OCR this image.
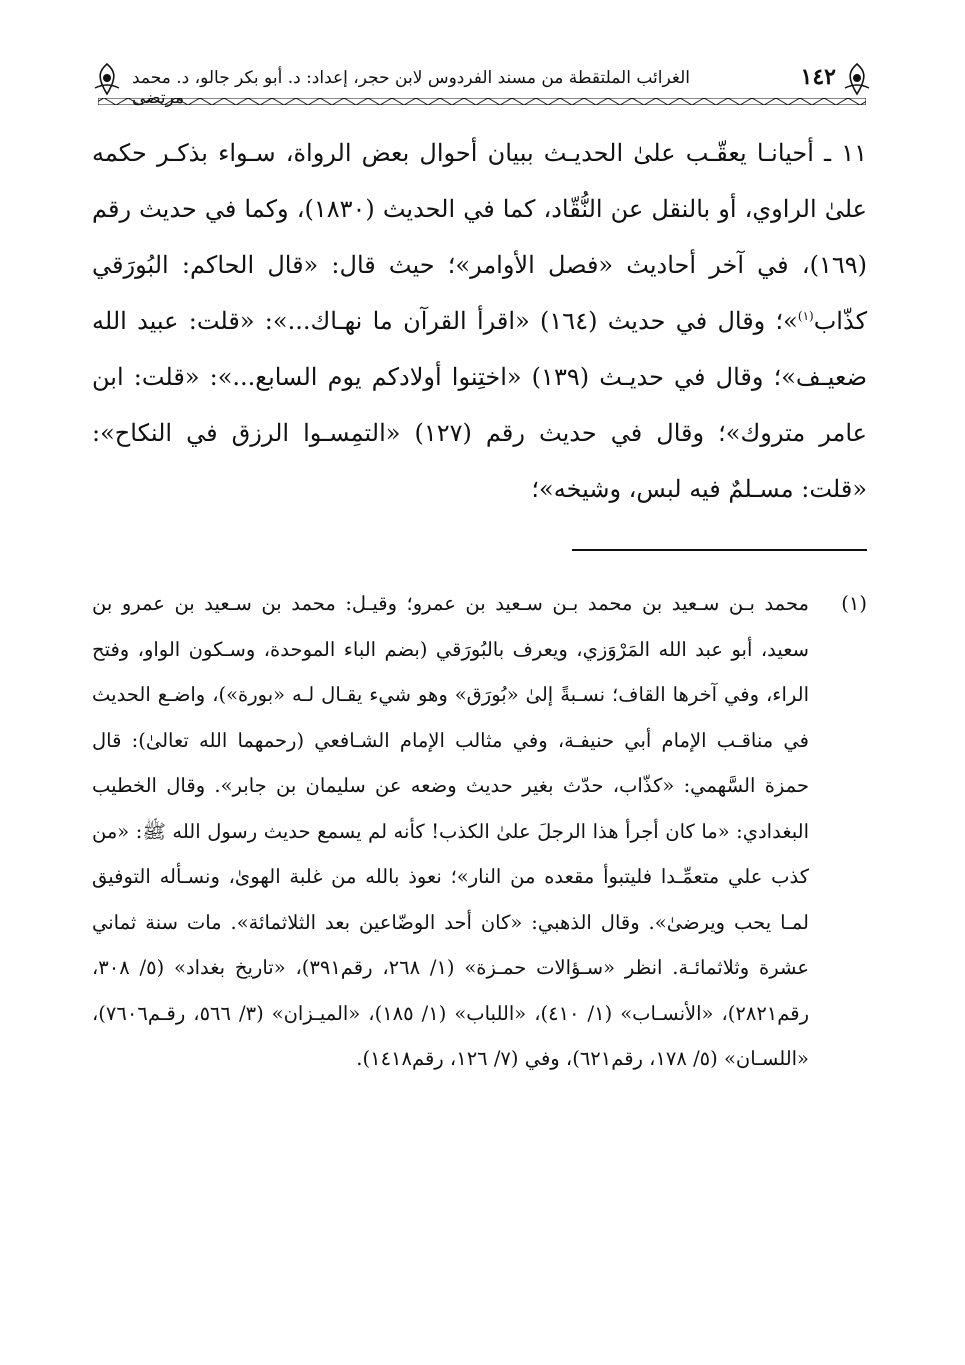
الغرائب الملتقطة من مسند الفردوس لابن حجر، إعداد: د. أبو بكر جالو، د. محمد مرتضى
١٤٢

١١ ـ أحيانـا يعقّـب علىٰ الحديـث ببيان أحوال بعض الرواة، سـواء بذكـر حكمه علىٰ الراوي، أو بالنقل عن النُّقّاد، كما في الحديث (١٨٣٠)، وكما في حديث رقم (١٦٩)، في آخر أحاديث «فصل الأوامر»؛ حيث قال: «قال الحاكم: البُورَقي كذّاب$^{(١)}$»؛ وقال في حديث (١٦٤) «اقرأ القرآن ما نهـاك...»: «قلت: عبيد الله ضعيـف»؛ وقال في حديـث (١٣٩) «اختِنوا أولادكم يوم السابع...»: «قلت: ابن عامر متروك»؛ وقال في حديث رقم (١٢٧) «التمِسـوا الرزق في النكاح»: «قلت: مسـلمٌ فيه لبس، وشيخه»؛

(١)

محمد بـن سـعيد بن محمد بـن سـعيد بن عمرو؛ وقيـل: محمد بن سـعيد بن عمرو بن سعيد، أبو عبد الله المَرْوَزي، ويعرف بالبُورَقي (بضم الباء الموحدة، وسـكون الواو، وفتح الراء، وفي آخرها القاف؛ نسـبةً إلىٰ «بُورَق» وهو شيء يقـال لـه «بورة»)، واضـع الحديث في مناقـب الإمام أبي حنيفـة، وفي مثالب الإمام الشـافعي (رحمهما الله تعالىٰ): قال حمزة السَّهمي: «كذّاب، حدّث بغير حديث وضعه عن سليمان بن جابر». وقال الخطيب البغدادي: «ما كان أجرأ هذا الرجلَ علىٰ الكذب! كأنه لم يسمع حديث رسول الله ﷺ: «من كذب علي متعمِّـدا فليتبوأ مقعده من النار»؛ نعوذ بالله من غلبة الهوىٰ، ونسـأله التوفيق لمـا يحب ويرضىٰ». وقال الذهبي: «كان أحد الوضّاعين بعد الثلاثمائة». مات سنة ثماني عشرة وثلاثمائـة. انظر «سـؤالات حمـزة» (١/ ٢٦٨، رقم٣٩١)، «تاريخ بغداد» (٥/ ٣٠٨، رقم٢٨٢١)، «الأنسـاب» (١/ ٤١٠)، «اللباب» (١/ ١٨٥)، «الميـزان» (٣/ ٥٦٦، رقـم٧٦٠٦)، «اللسـان» (٥/ ١٧٨، رقم٦٢١)، وفي (٧/ ١٢٦، رقم١٤١٨).
